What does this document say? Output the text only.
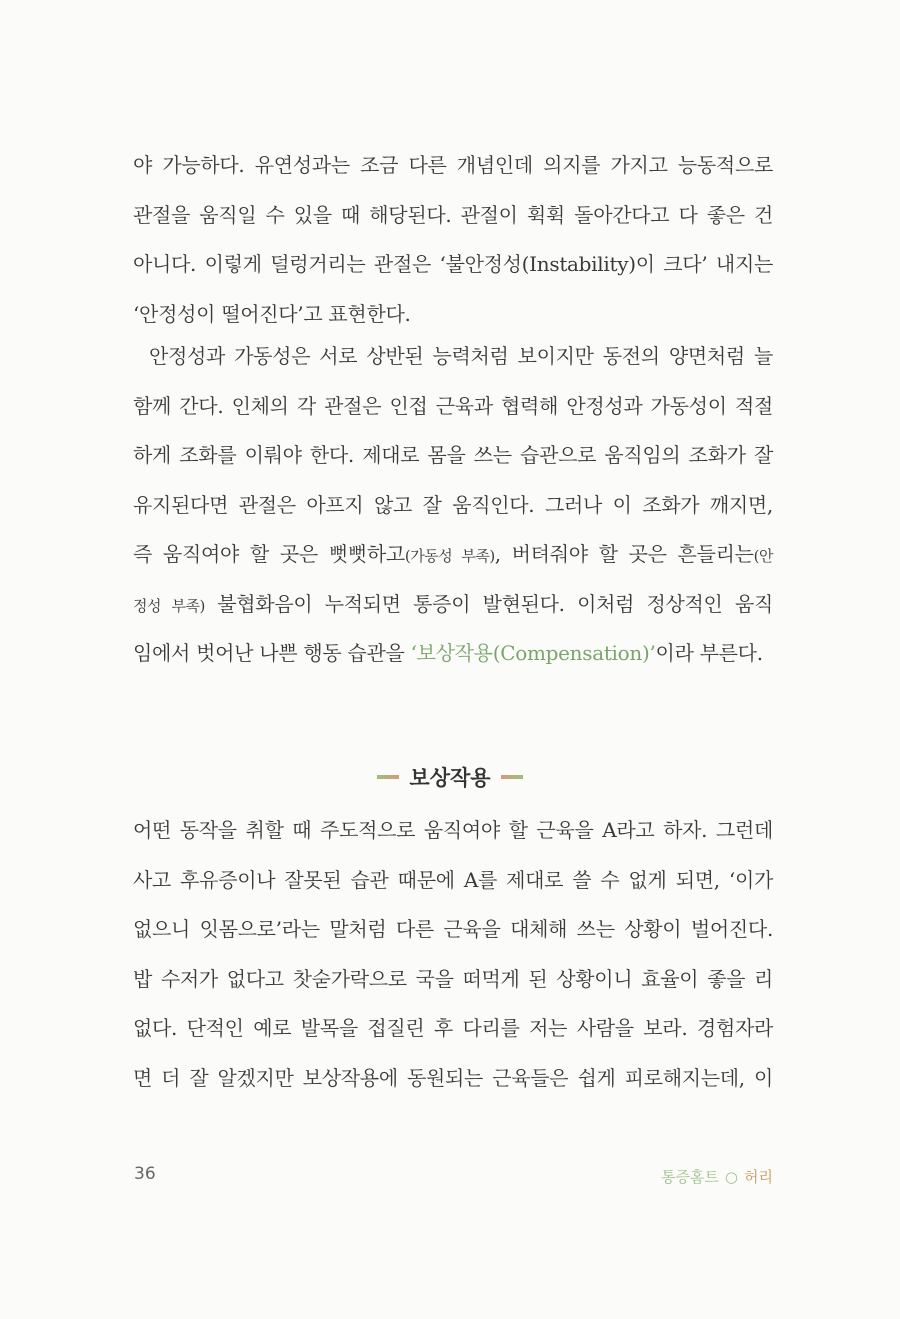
야 가능하다. 유연성과는 조금 다른 개념인데 의지를 가지고 능동적으로
관절을 움직일 수 있을 때 해당된다. 관절이 휙휙 돌아간다고 다 좋은 건
아니다. 이렇게 덜렁거리는 관절은 ‘불안정성(Instability)이 크다’ 내지는
‘안정성이 떨어진다’고 표현한다.
안정성과 가동성은 서로 상반된 능력처럼 보이지만 동전의 양면처럼 늘
함께 간다. 인체의 각 관절은 인접 근육과 협력해 안정성과 가동성이 적절
하게 조화를 이뤄야 한다. 제대로 몸을 쓰는 습관으로 움직임의 조화가 잘
유지된다면 관절은 아프지 않고 잘 움직인다. 그러나 이 조화가 깨지면,
즉 움직여야 할 곳은 뻣뻣하고(가동성 부족), 버텨줘야 할 곳은 흔들리는(안
정성 부족) 불협화음이 누적되면 통증이 발현된다. 이처럼 정상적인 움직
임에서 벗어난 나쁜 행동 습관을 ‘보상작용(Compensation)’이라 부른다.
보상작용
어떤 동작을 취할 때 주도적으로 움직여야 할 근육을 A라고 하자. 그런데
사고 후유증이나 잘못된 습관 때문에 A를 제대로 쓸 수 없게 되면, ‘이가
없으니 잇몸으로’라는 말처럼 다른 근육을 대체해 쓰는 상황이 벌어진다.
밥 수저가 없다고 찻숟가락으로 국을 떠먹게 된 상황이니 효율이 좋을 리
없다. 단적인 예로 발목을 접질린 후 다리를 저는 사람을 보라. 경험자라
면 더 잘 알겠지만 보상작용에 동원되는 근육들은 쉽게 피로해지는데, 이
36	통증홈트 ○ 허리
